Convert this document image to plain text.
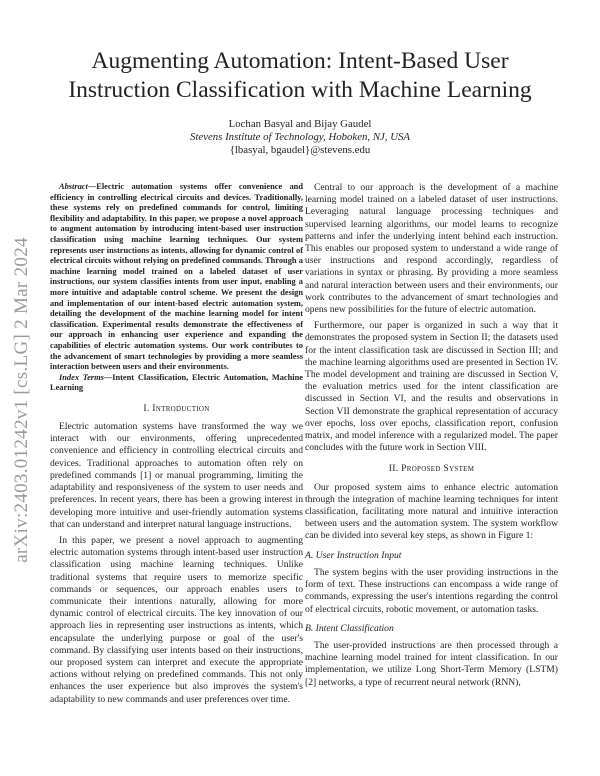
arXiv:2403.01242v1 [cs.LG] 2 Mar 2024
Augmenting Automation: Intent-Based User Instruction Classification with Machine Learning
Lochan Basyal and Bijay Gaudel
Stevens Institute of Technology, Hoboken, NJ, USA
{lbasyal, bgaudel}@stevens.edu

Abstract—Electric automation systems offer convenience and efficiency in controlling electrical circuits and devices. Traditionally, these systems rely on predefined commands for control, limiting flexibility and adaptability. In this paper, we propose a novel approach to augment automation by introducing intent-based user instruction classification using machine learning techniques. Our system represents user instructions as intents, allowing for dynamic control of electrical circuits without relying on predefined commands. Through a machine learning model trained on a labeled dataset of user instructions, our system classifies intents from user input, enabling a more intuitive and adaptable control scheme. We present the design and implementation of our intent-based electric automation system, detailing the development of the machine learning model for intent classification. Experimental results demonstrate the effectiveness of our approach in enhancing user experience and expanding the capabilities of electric automation systems. Our work contributes to the advancement of smart technologies by providing a more seamless interaction between users and their environments.

Index Terms—Intent Classification, Electric Automation, Machine Learning

I. Introduction

Electric automation systems have transformed the way we interact with our environments, offering unprecedented convenience and efficiency in controlling electrical circuits and devices. Traditional approaches to automation often rely on predefined commands [1] or manual programming, limiting the adaptability and responsiveness of the system to user needs and preferences. In recent years, there has been a growing interest in developing more intuitive and user-friendly automation systems that can understand and interpret natural language instructions.

In this paper, we present a novel approach to augmenting electric automation systems through intent-based user instruction classification using machine learning techniques. Unlike traditional systems that require users to memorize specific commands or sequences, our approach enables users to communicate their intentions naturally, allowing for more dynamic control of electrical circuits. The key innovation of our approach lies in representing user instructions as intents, which encapsulate the underlying purpose or goal of the user's command. By classifying user intents based on their instructions, our proposed system can interpret and execute the appropriate actions without relying on predefined commands. This not only enhances the user experience but also improves the system's adaptability to new commands and user preferences over time.

Central to our approach is the development of a machine learning model trained on a labeled dataset of user instructions. Leveraging natural language processing techniques and supervised learning algorithms, our model learns to recognize patterns and infer the underlying intent behind each instruction. This enables our proposed system to understand a wide range of user instructions and respond accordingly, regardless of variations in syntax or phrasing. By providing a more seamless and natural interaction between users and their environments, our work contributes to the advancement of smart technologies and opens new possibilities for the future of electric automation.

Furthermore, our paper is organized in such a way that it demonstrates the proposed system in Section II; the datasets used for the intent classification task are discussed in Section III; and the machine learning algorithms used are presented in Section IV. The model development and training are discussed in Section V, the evaluation metrics used for the intent classification are discussed in Section VI, and the results and observations in Section VII demonstrate the graphical representation of accuracy over epochs, loss over epochs, classification report, confusion matrix, and model inference with a regularized model. The paper concludes with the future work in Section VIII.

II. Proposed System

Our proposed system aims to enhance electric automation through the integration of machine learning techniques for intent classification, facilitating more natural and intuitive interaction between users and the automation system. The system workflow can be divided into several key steps, as shown in Figure 1:

A. User Instruction Input

The system begins with the user providing instructions in the form of text. These instructions can encompass a wide range of commands, expressing the user's intentions regarding the control of electrical circuits, robotic movement, or automation tasks.

B. Intent Classification

The user-provided instructions are then processed through a machine learning model trained for intent classification. In our implementation, we utilize Long Short-Term Memory (LSTM) [2] networks, a type of recurrent neural network (RNN),
